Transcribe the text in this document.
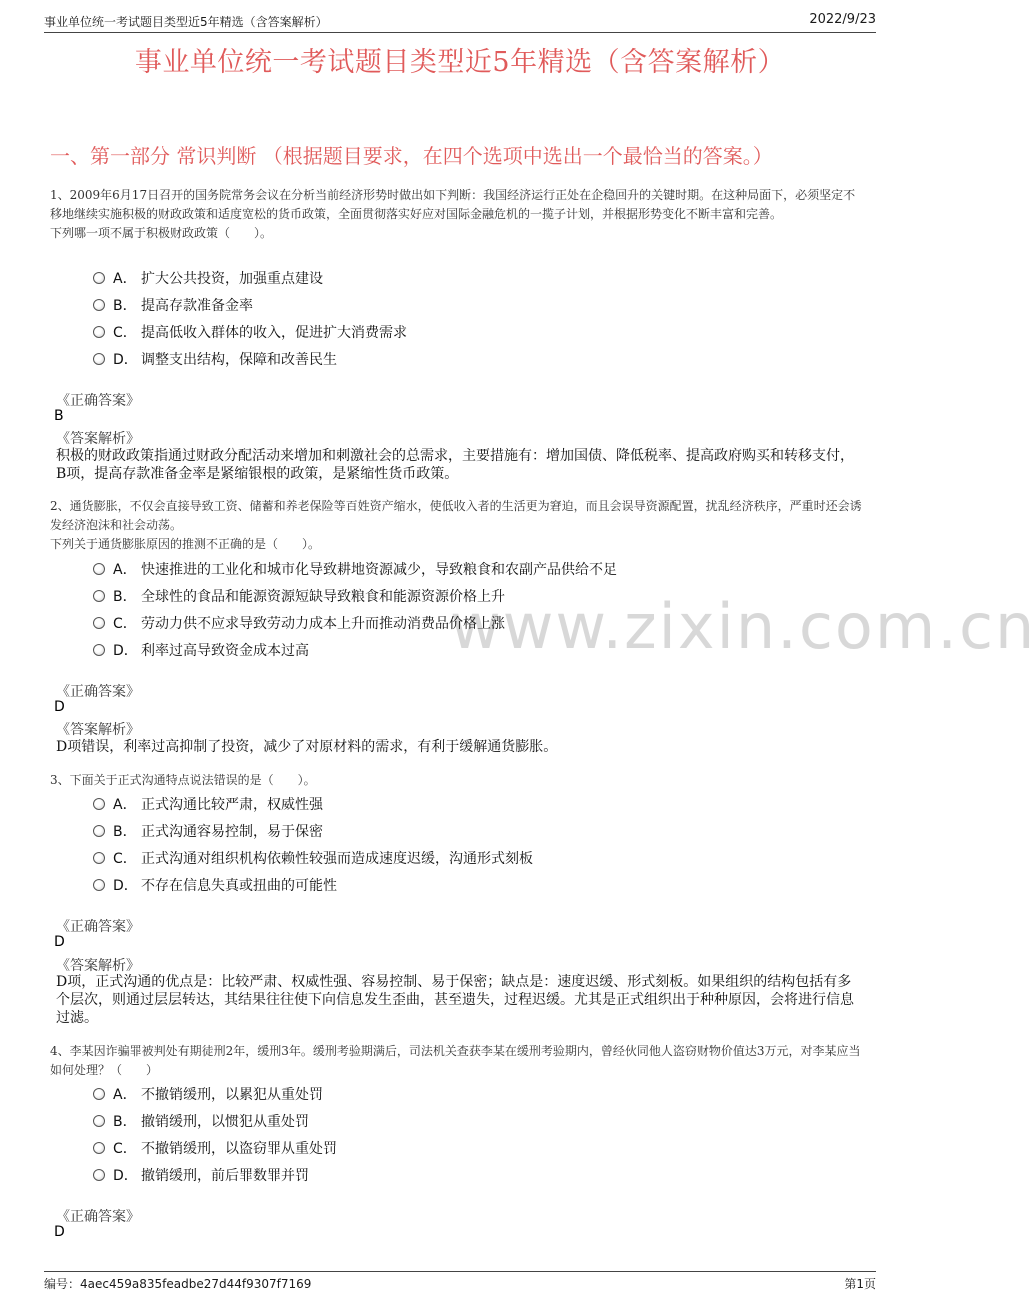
事业单位统一考试题目类型近5年精选（含答案解析）	2022/9/23
事业单位统一考试题目类型近5年精选（含答案解析）
一、第一部分 常识判断 （根据题目要求，在四个选项中选出一个最恰当的答案。）
www.zixin.com.cn

1、2009年6月17日召开的国务院常务会议在分析当前经济形势时做出如下判断：我国经济运行正处在企稳回升的关键时期。在这种局面下，必须坚定不移地继续实施积极的财政政策和适度宽松的货币政策，全面贯彻落实好应对国际金融危机的一揽子计划，并根据形势变化不断丰富和完善。

下列哪一项不属于积极财政政策（　　）。

A． 扩大公共投资，加强重点建设
B． 提高存款准备金率
C． 提高低收入群体的收入，促进扩大消费需求
D． 调整支出结构，保障和改善民生
《正确答案》
B
《答案解析》
积极的财政政策指通过财政分配活动来增加和刺激社会的总需求，主要措施有：增加国债、降低税率、提高政府购买和转移支付，B项，提高存款准备金率是紧缩银根的政策，是紧缩性货币政策。

2、通货膨胀，不仅会直接导致工资、储蓄和养老保险等百姓资产缩水，使低收入者的生活更为窘迫，而且会误导资源配置，扰乱经济秩序，严重时还会诱发经济泡沫和社会动荡。

下列关于通货膨胀原因的推测不正确的是（　　）。

A． 快速推进的工业化和城市化导致耕地资源减少，导致粮食和农副产品供给不足
B． 全球性的食品和能源资源短缺导致粮食和能源资源价格上升
C． 劳动力供不应求导致劳动力成本上升而推动消费品价格上涨
D． 利率过高导致资金成本过高
《正确答案》
D
《答案解析》
D项错误，利率过高抑制了投资，减少了对原材料的需求，有利于缓解通货膨胀。

3、下面关于正式沟通特点说法错误的是（　　）。

A． 正式沟通比较严肃，权威性强
B． 正式沟通容易控制，易于保密
C． 正式沟通对组织机构依赖性较强而造成速度迟缓，沟通形式刻板
D． 不存在信息失真或扭曲的可能性
《正确答案》
D
《答案解析》
D项，正式沟通的优点是：比较严肃、权威性强、容易控制、易于保密；缺点是：速度迟缓、形式刻板。如果组织的结构包括有多个层次，则通过层层转达，其结果往往使下向信息发生歪曲，甚至遗失，过程迟缓。尤其是正式组织出于种种原因，会将进行信息过滤。

4、李某因诈骗罪被判处有期徒刑2年，缓刑3年。缓刑考验期满后，司法机关查获李某在缓刑考验期内，曾经伙同他人盗窃财物价值达3万元，对李某应当如何处理？（　　）

A． 不撤销缓刑，以累犯从重处罚
B． 撤销缓刑，以惯犯从重处罚
C． 不撤销缓刑，以盗窃罪从重处罚
D． 撤销缓刑，前后罪数罪并罚
《正确答案》
D
编号：4aec459a835feadbe27d44f9307f7169	第1页
